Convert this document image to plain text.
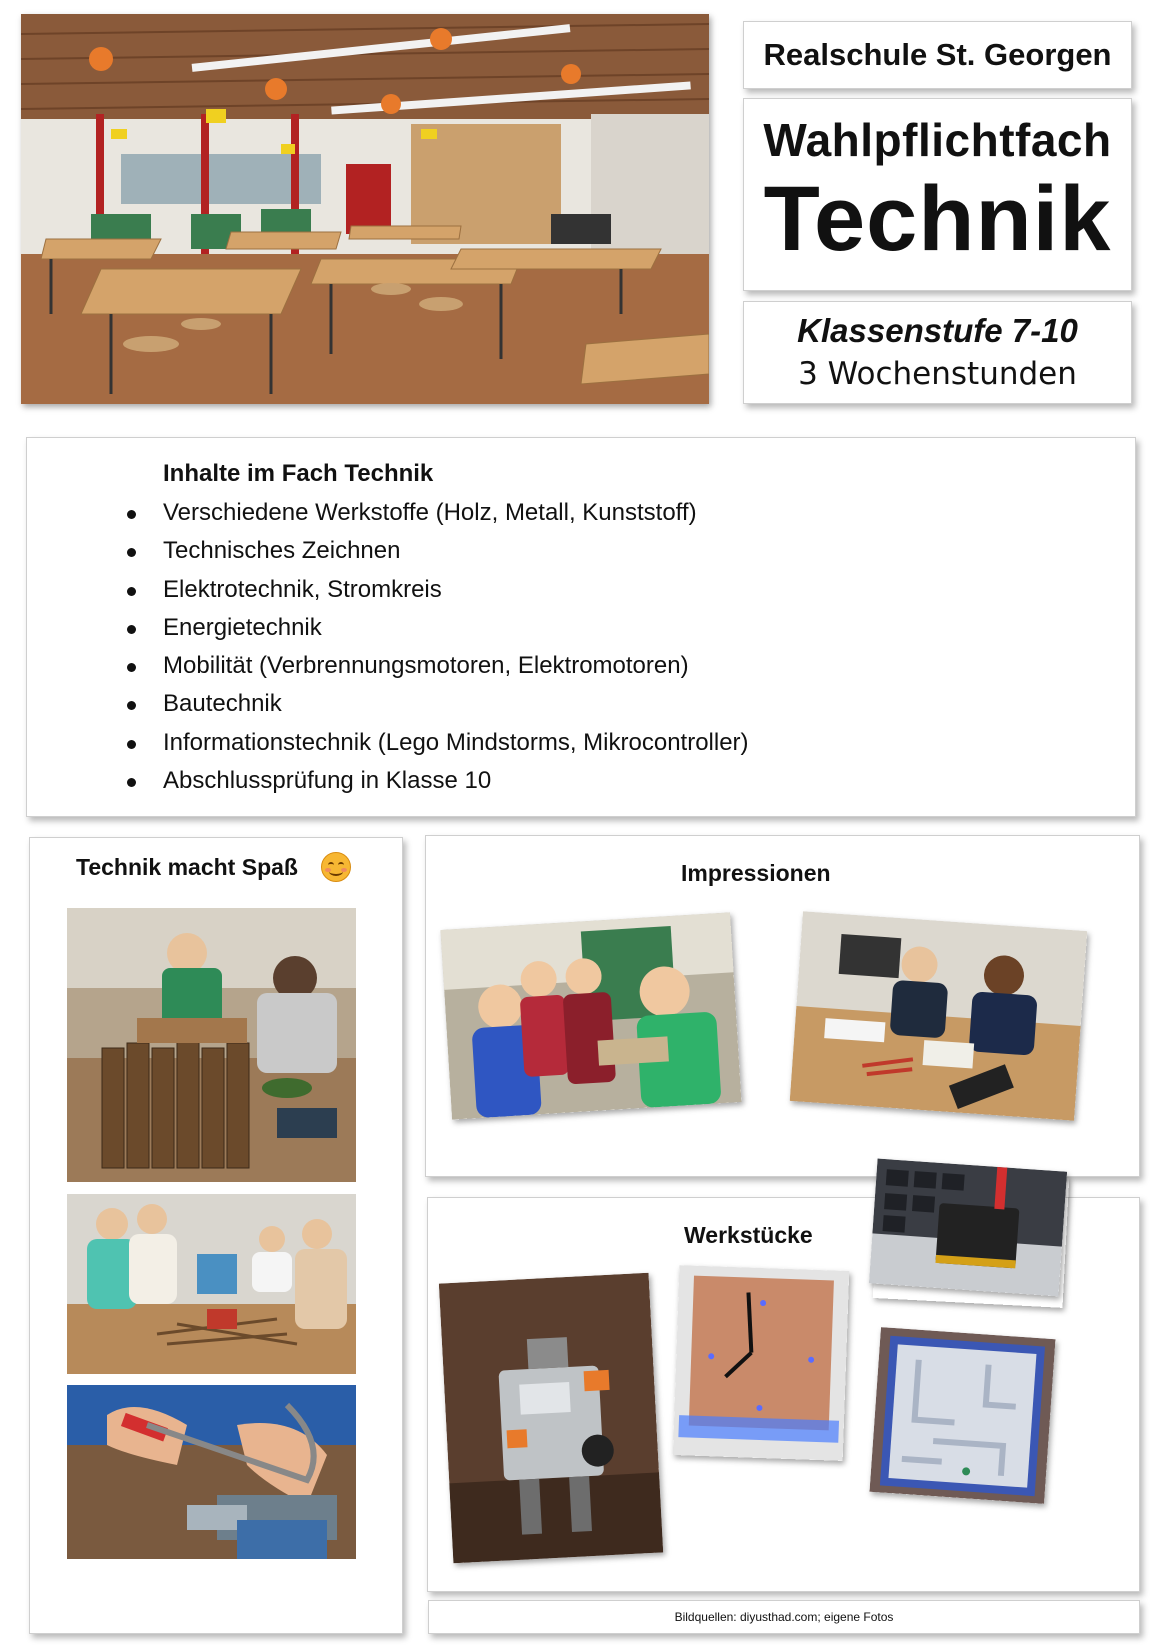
Realschule St. Georgen
Wahlpflichtfach
Technik
Klassenstufe 7-10
3 Wochenstunden
Inhalte im Fach Technik
Verschiedene Werkstoffe (Holz, Metall, Kunststoff)
Technisches Zeichnen
Elektrotechnik, Stromkreis
Energietechnik
Mobilität (Verbrennungsmotoren, Elektromotoren)
Bautechnik
Informationstechnik (Lego Mindstorms, Mikrocontroller)
Abschlussprüfung in Klasse 10
Technik macht Spaß	Impressionen
Werkstücke
Bildquellen: diyusthad.com; eigene Fotos
